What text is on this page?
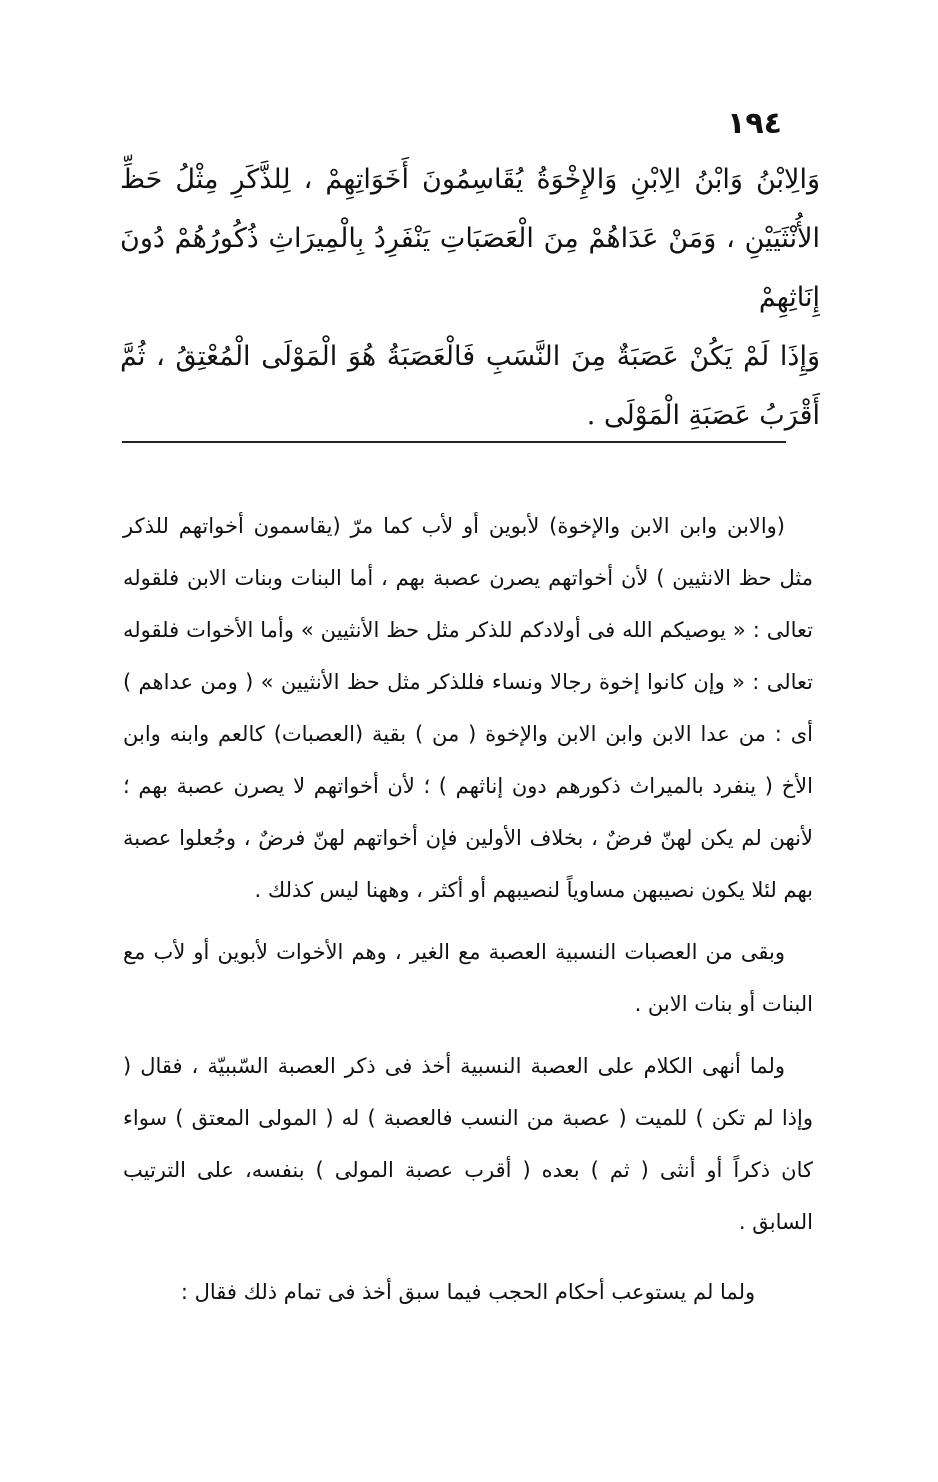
١٩٤

وَالِابْنُ وَابْنُ الِابْنِ وَالإِخْوَةُ يُقَاسِمُونَ أَخَوَاتِهِمْ ، لِلذَّكَرِ مِثْلُ حَظِّ الأُنْثَيَيْنِ ، وَمَنْ عَدَاهُمْ مِنَ الْعَصَبَاتِ يَنْفَرِدُ بِالْمِيرَاثِ ذُكُورُهُمْ دُونَ إِنَاثِهِمْ

وَإِذَا لَمْ يَكُنْ عَصَبَةٌ مِنَ النَّسَبِ فَالْعَصَبَةُ هُوَ الْمَوْلَى الْمُعْتِقُ ، ثُمَّ أَقْرَبُ عَصَبَةِ الْمَوْلَى .

(والابن وابن الابن والإخوة) لأبوين أو لأب كما مرّ (يقاسمون أخواتهم للذكر مثل حظ الانثيين ) لأن أخواتهم يصرن عصبة بهم ، أما البنات وبنات الابن فلقوله تعالى : « يوصيكم الله فى أولادكم للذكر مثل حظ الأنثيين » وأما الأخوات فلقوله تعالى : « وإن كانوا إخوة رجالا ونساء فللذكر مثل حظ الأنثيين » ( ومن عداهم ) أى : من عدا الابن وابن الابن والإخوة ( من ) بقية (العصبات) كالعم وابنه وابن الأخ ( ينفرد بالميراث ذكورهم دون إناثهم ) ؛ لأن أخواتهم لا يصرن عصبة بهم ؛ لأنهن لم يكن لهنّ فرضٌ ، بخلاف الأولين فإن أخواتهم لهنّ فرضٌ ، وجُعلوا عصبة بهم لئلا يكون نصيبهن مساوياً لنصيبهم أو أكثر ، وههنا ليس كذلك .

وبقى من العصبات النسبية العصبة مع الغير ، وهم الأخوات لأبوين أو لأب مع البنات أو بنات الابن .

ولما أنهى الكلام على العصبة النسبية أخذ فى ذكر العصبة السّببيّة ، فقال ( وإذا لم تكن ) للميت ( عصبة من النسب فالعصبة ) له ( المولى المعتق ) سواء كان ذكراً أو أنثى ( ثم ) بعده ( أقرب عصبة المولى ) بنفسه، على الترتيب السابق .

ولما لم يستوعب أحكام الحجب فيما سبق أخذ فى تمام ذلك فقال :
